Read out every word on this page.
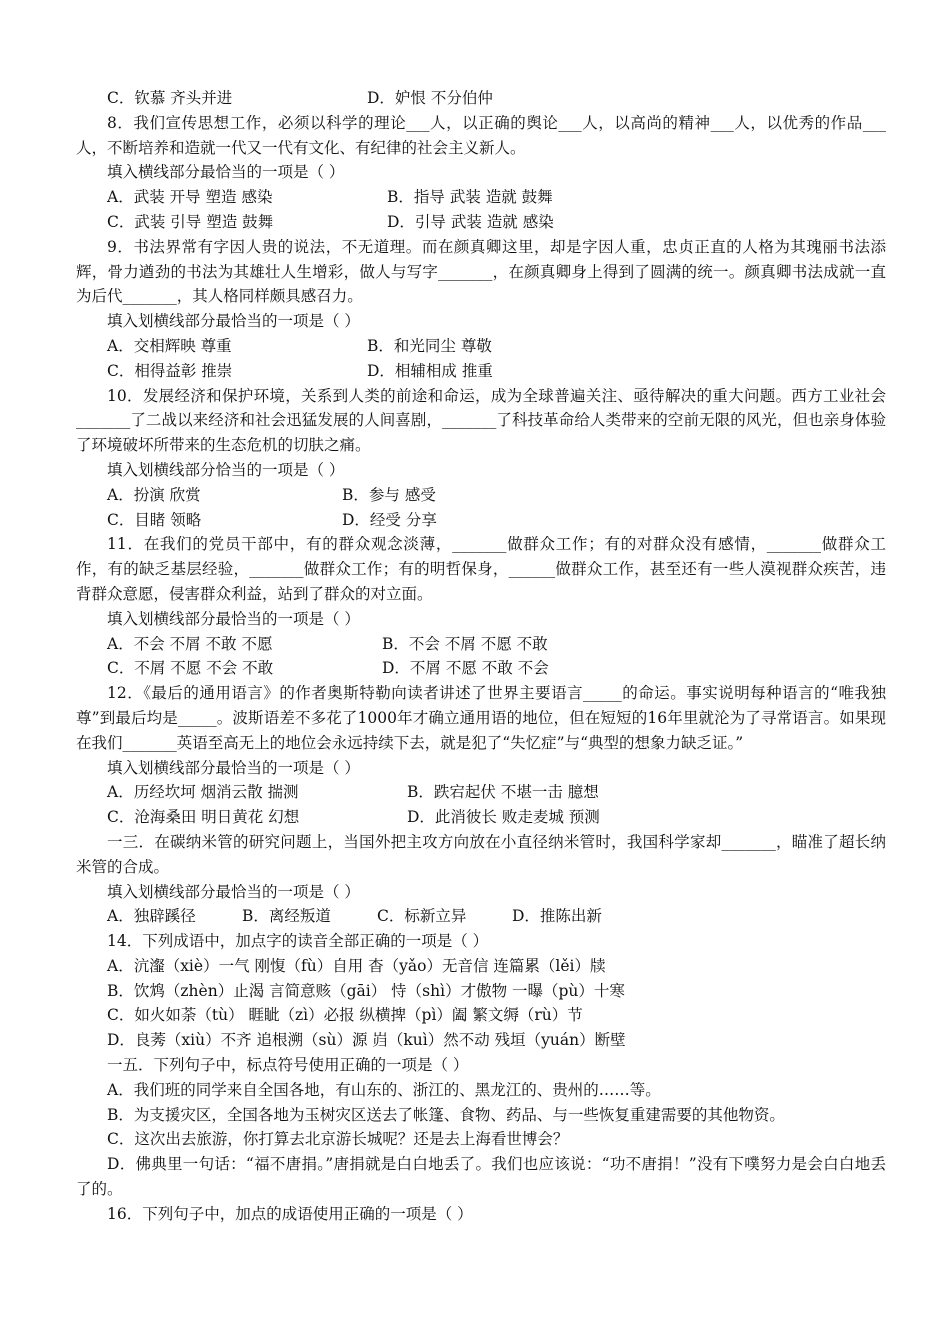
C．钦慕 齐头并进	D．妒恨 不分伯仲

8．我们宣传思想工作，必须以科学的理论___人，以正确的舆论___人，以高尚的精神___人，以优秀的作品___人，不断培养和造就一代又一代有文化、有纪律的社会主义新人。

填入横线部分最恰当的一项是（ ）

A．武装 开导 塑造 感染	B．指导 武装 造就 鼓舞
C．武装 引导 塑造 鼓舞	D．引导 武装 造就 感染

9．书法界常有字因人贵的说法，不无道理。而在颜真卿这里，却是字因人重，忠贞正直的人格为其瑰丽书法添辉，骨力遒劲的书法为其雄壮人生增彩，做人与写字_______，在颜真卿身上得到了圆满的统一。颜真卿书法成就一直为后代_______，其人格同样颇具感召力。

填入划横线部分最恰当的一项是（ ）

A．交相辉映 尊重	B．和光同尘 尊敬
C．相得益彰 推崇	D．相辅相成 推重

10．发展经济和保护环境，关系到人类的前途和命运，成为全球普遍关注、亟待解决的重大问题。西方工业社会_______了二战以来经济和社会迅猛发展的人间喜剧，_______了科技革命给人类带来的空前无限的风光，但也亲身体验了环境破坏所带来的生态危机的切肤之痛。

填入划横线部分恰当的一项是（ ）

A．扮演 欣赏	B．参与 感受
C．目睹 领略	D．经受 分享

11．在我们的党员干部中，有的群众观念淡薄，_______做群众工作；有的对群众没有感情，_______做群众工作，有的缺乏基层经验，_______做群众工作；有的明哲保身，______做群众工作，甚至还有一些人漠视群众疾苦，违背群众意愿，侵害群众利益，站到了群众的对立面。

填入划横线部分最恰当的一项是（ ）

A．不会 不屑 不敢 不愿	B．不会 不屑 不愿 不敢
C．不屑 不愿 不会 不敢	D．不屑 不愿 不敢 不会

12．《最后的通用语言》的作者奥斯特勒向读者讲述了世界主要语言_____的命运。事实说明每种语言的“唯我独尊”到最后均是_____。波斯语差不多花了1000年才确立通用语的地位，但在短短的16年里就沦为了寻常语言。如果现在我们_______英语至高无上的地位会永远持续下去，就是犯了“失忆症”与“典型的想象力缺乏证。”

填入划横线部分最恰当的一项是（ ）

A．历经坎坷 烟消云散 揣测	B．跌宕起伏 不堪一击 臆想
C．沧海桑田 明日黄花 幻想	D．此消彼长 败走麦城 预测

一三．在碳纳米管的研究问题上，当国外把主攻方向放在小直径纳米管时，我国科学家却_______，瞄准了超长纳米管的合成。

填入划横线部分最恰当的一项是（ ）

A．独辟蹊径	B．离经叛道	C．标新立异	D．推陈出新

14．下列成语中，加点字的读音全部正确的一项是（ ）

A．沆瀣（xiè）一气 刚愎（fù）自用 杳（yǎo）无音信 连篇累（lěi）牍
B．饮鸩（zhèn）止渴 言简意赅（gāi） 恃（shì）才傲物 一曝（pù）十寒
C．如火如荼（tù） 睚眦（zì）必报 纵横捭（pì）阖 繁文缛（rù）节
D．良莠（xiù）不齐 追根溯（sù）源 岿（kuì）然不动 残垣（yuán）断壁

一五．下列句子中，标点符号使用正确的一项是（ ）

A．我们班的同学来自全国各地，有山东的、浙江的、黑龙江的、贵州的……等。

B．为支援灾区，全国各地为玉树灾区送去了帐篷、食物、药品、与一些恢复重建需要的其他物资。

C．这次出去旅游，你打算去北京游长城呢？还是去上海看世博会？

D．佛典里一句话：“福不唐捐。”唐捐就是白白地丢了。我们也应该说：“功不唐捐！”没有下噗努力是会白白地丢了的。

16．下列句子中，加点的成语使用正确的一项是（ ）
